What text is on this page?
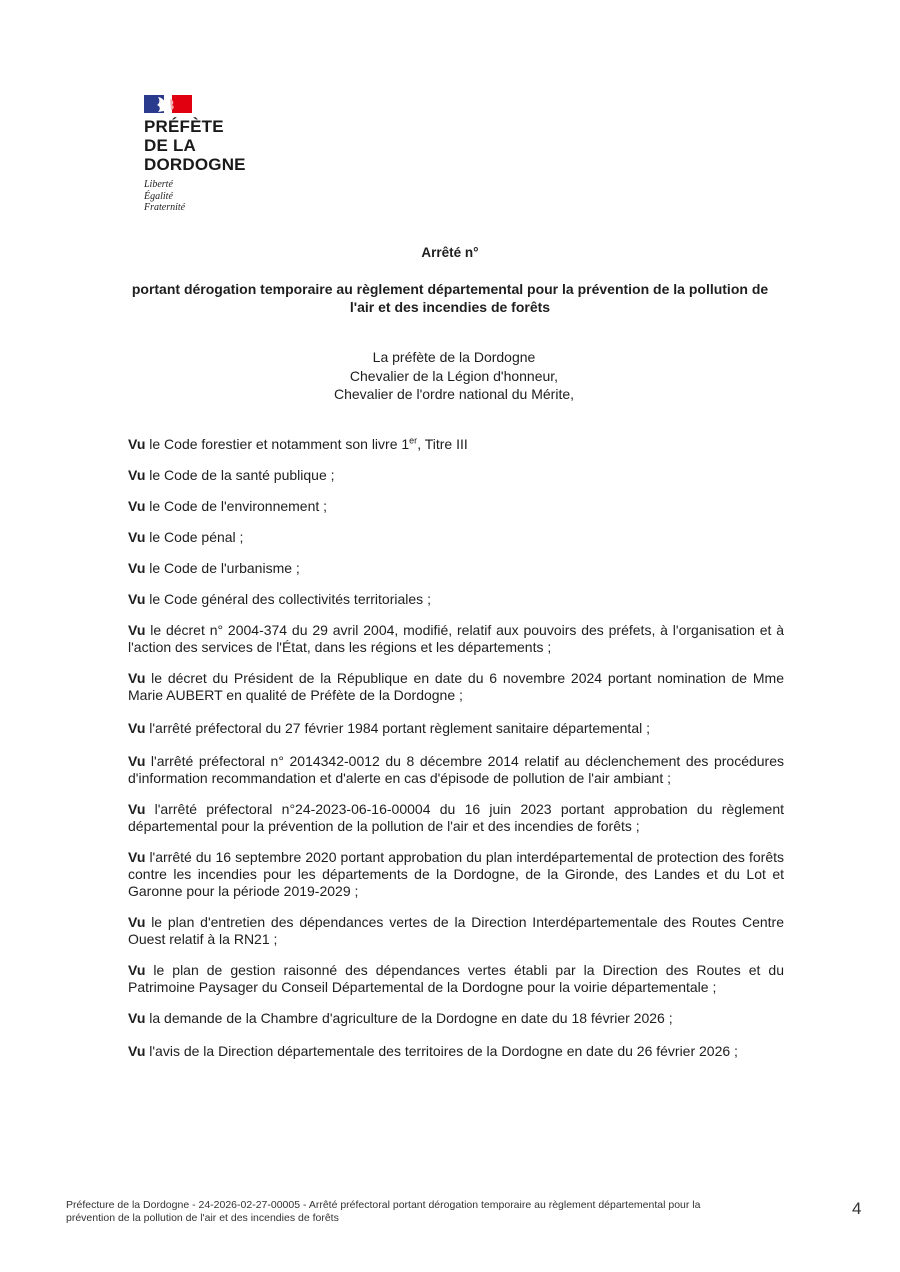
PRÉFÈTE
DE LA
DORDOGNE
Liberté
Égalité
Fraternité
Arrêté n°
portant dérogation temporaire au règlement départemental pour la prévention de la pollution de l'air et des incendies de forêts
La préfète de la Dordogne
Chevalier de la Légion d'honneur,
Chevalier de l'ordre national du Mérite,

Vu le Code forestier et notamment son livre 1er, Titre III

Vu le Code de la santé publique ;

Vu le Code de l'environnement ;

Vu le Code pénal ;

Vu le Code de l'urbanisme ;

Vu le Code général des collectivités territoriales ;

Vu le décret n° 2004-374 du 29 avril 2004, modifié, relatif aux pouvoirs des préfets, à l'organisation et à l'action des services de l'État, dans les régions et les départements ;

Vu le décret du Président de la République en date du 6 novembre 2024 portant nomination de Mme Marie AUBERT en qualité de Préfète de la Dordogne ;

Vu l'arrêté préfectoral du 27 février 1984 portant règlement sanitaire départemental ;

Vu l'arrêté préfectoral n° 2014342-0012 du 8 décembre 2014 relatif au déclenchement des procédures d'information recommandation et d'alerte en cas d'épisode de pollution de l'air ambiant ;

Vu l'arrêté préfectoral n°24-2023-06-16-00004 du 16 juin 2023 portant approbation du règlement départemental pour la prévention de la pollution de l'air et des incendies de forêts ;

Vu l'arrêté du 16 septembre 2020 portant approbation du plan interdépartemental de protection des forêts contre les incendies pour les départements de la Dordogne, de la Gironde, des Landes et du Lot et Garonne pour la période 2019-2029 ;

Vu le plan d'entretien des dépendances vertes de la Direction Interdépartementale des Routes Centre Ouest relatif à la RN21 ;

Vu le plan de gestion raisonné des dépendances vertes établi par la Direction des Routes et du Patrimoine Paysager du Conseil Départemental de la Dordogne pour la voirie départementale ;

Vu la demande de la Chambre d'agriculture de la Dordogne en date du 18 février 2026 ;

Vu l'avis de la Direction départementale des territoires de la Dordogne en date du 26 février 2026 ;

Préfecture de la Dordogne - 24-2026-02-27-00005 - Arrêté préfectoral portant dérogation temporaire au règlement départemental pour la
prévention de la pollution de l'air et des incendies de forêts	4
